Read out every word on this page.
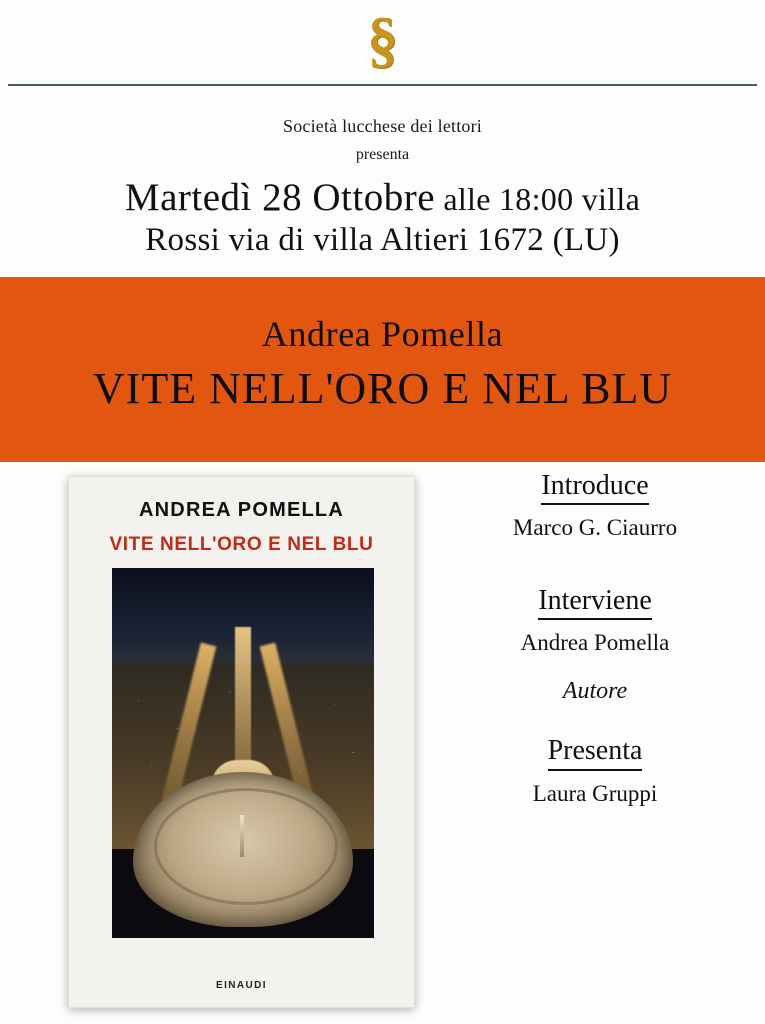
§
Società lucchese dei lettori
presenta
Martedì 28 Ottobre alle 18:00 villa
Rossi via di villa Altieri 1672 (LU)
Andrea Pomella
VITE NELL'ORO E NEL BLU
ANDREA POMELLA
VITE NELL'ORO E NEL BLU
EINAUDI
Introduce
Marco G. Ciaurro
Interviene
Andrea Pomella
Autore
Presenta
Laura Gruppi
